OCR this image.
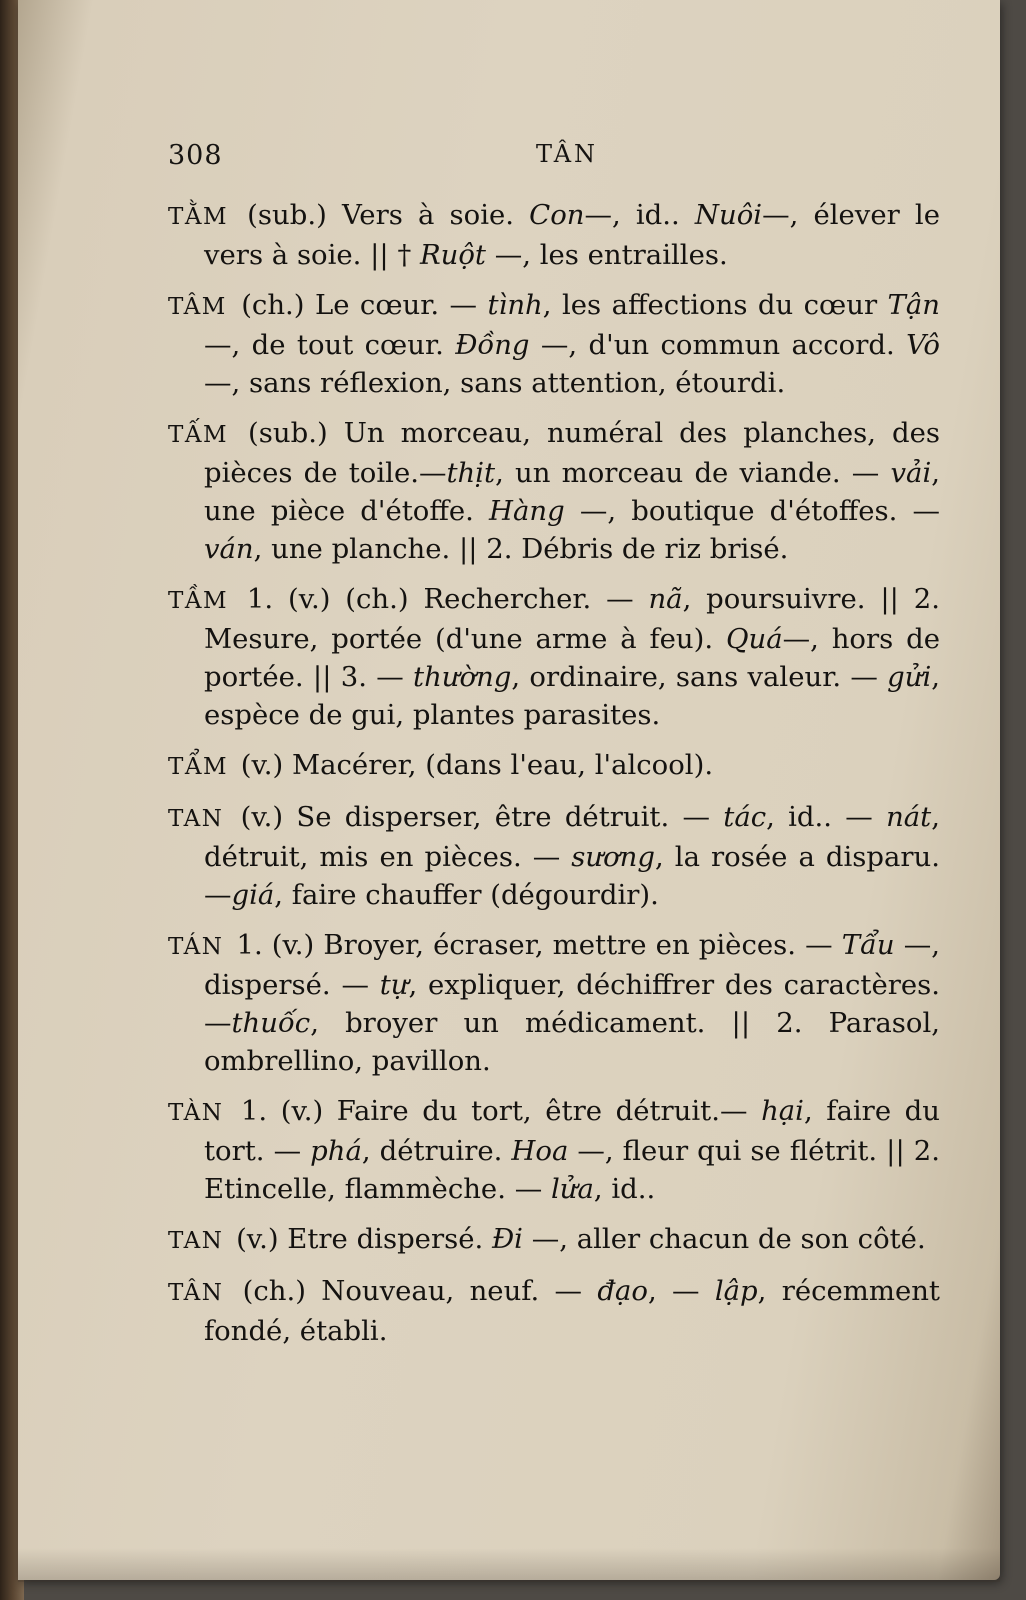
308	TÂN

TẰM (sub.) Vers à soie. Con—, id.. Nuôi—, élever le vers à soie. || † Ruột —, les entrailles.

TÂM (ch.) Le cœur. — tình, les affections du cœur Tận —, de tout cœur. Đồng —, d'un commun accord. Vô —, sans réflexion, sans attention, étourdi.

TẤM (sub.) Un morceau, numéral des planches, des pièces de toile.—thịt, un morceau de viande. — vải, une pièce d'étoffe. Hàng —, boutique d'étoffes. — ván, une planche. || 2. Débris de riz brisé.

TẦM 1. (v.) (ch.) Rechercher. — nã, poursuivre. || 2. Mesure, portée (d'une arme à feu). Quá—, hors de portée. || 3. — thường, ordinaire, sans valeur. — gửi, espèce de gui, plantes parasites.

TẨM (v.) Macérer, (dans l'eau, l'alcool).

TAN (v.) Se disperser, être détruit. — tác, id.. — nát, détruit, mis en pièces. — sương, la rosée a disparu. —giá, faire chauffer (dégourdir).

TÁN 1. (v.) Broyer, écraser, mettre en pièces. — Tẩu —, dispersé. — tự, expliquer, déchiffrer des caractères. —thuốc, broyer un médicament. || 2. Parasol, ombrellino, pavillon.

TÀN 1. (v.) Faire du tort, être détruit.— hại, faire du tort. — phá, détruire. Hoa —, fleur qui se flétrit. || 2. Etincelle, flammèche. — lửa, id..

TAN (v.) Etre dispersé. Đi —, aller chacun de son côté.

TÂN (ch.) Nouveau, neuf. — đạo, — lập, récemment fondé, établi.
